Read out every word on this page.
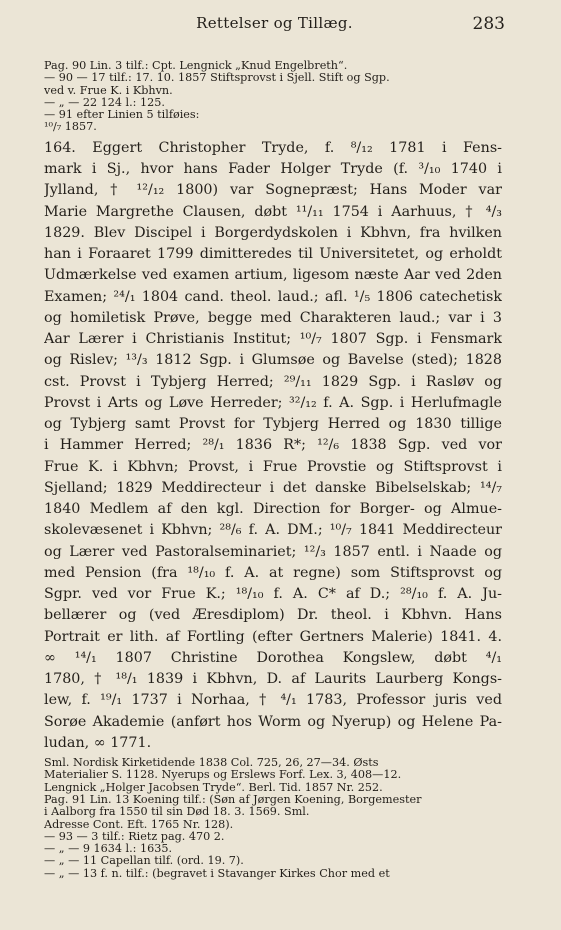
Rettelser og Tillæg.	283
Pag. 90 Lin. 3 tilf.: Cpt. Lengnick „Knud Engelbreth“.
— 90 — 17 tilf.: 17. 10. 1857 Stiftsprovst i Sjell. Stift og Sgp.
ved v. Frue K. i Kbhvn.
— „ — 22 124 l.: 125.
— 91 efter Linien 5 tilføies:
¹⁰/₇ 1857.
164. Eggert Christopher Tryde, f. ⁸/₁₂ 1781 i Fens-
mark i Sj., hvor hans Fader Holger Tryde (f. ³/₁₀ 1740 i
Jylland, † ¹²/₁₂ 1800) var Sognepræst; Hans Moder var
Marie Margrethe Clausen, døbt ¹¹/₁₁ 1754 i Aarhuus, † ⁴/₃
1829. Blev Discipel i Borgerdydskolen i Kbhvn, fra hvilken
han i Foraaret 1799 dimitteredes til Universitetet, og erholdt
Udmærkelse ved examen artium, ligesom næste Aar ved 2den
Examen; ²⁴/₁ 1804 cand. theol. laud.; afl. ¹/₅ 1806 catechetisk
og homiletisk Prøve, begge med Charakteren laud.; var i 3
Aar Lærer i Christianis Institut; ¹⁰/₇ 1807 Sgp. i Fensmark
og Rislev; ¹³/₃ 1812 Sgp. i Glumsøe og Bavelse (sted); 1828
cst. Provst i Tybjerg Herred; ²⁹/₁₁ 1829 Sgp. i Rasløv og
Provst i Arts og Løve Herreder; ³²/₁₂ f. A. Sgp. i Herlufmagle
og Tybjerg samt Provst for Tybjerg Herred og 1830 tillige
i Hammer Herred; ²⁸/₁ 1836 R*; ¹²/₆ 1838 Sgp. ved vor
Frue K. i Kbhvn; Provst, i Frue Provstie og Stiftsprovst i
Sjelland; 1829 Meddirecteur i det danske Bibelselskab; ¹⁴/₇
1840 Medlem af den kgl. Direction for Borger- og Almue-
skolevæsenet i Kbhvn; ²⁸/₆ f. A. DM.; ¹⁰/₇ 1841 Meddirecteur
og Lærer ved Pastoralseminariet; ¹²/₃ 1857 entl. i Naade og
med Pension (fra ¹⁸/₁₀ f. A. at regne) som Stiftsprovst og
Sgpr. ved vor Frue K.; ¹⁸/₁₀ f. A. C* af D.; ²⁸/₁₀ f. A. Ju-
bellærer og (ved Æresdiplom) Dr. theol. i Kbhvn. Hans
Portrait er lith. af Fortling (efter Gertners Malerie) 1841. 4.
∞ ¹⁴/₁ 1807 Christine Dorothea Kongslew, døbt ⁴/₁
1780, † ¹⁸/₁ 1839 i Kbhvn, D. af Laurits Laurberg Kongs-
lew, f. ¹⁹/₁ 1737 i Norhaa, † ⁴/₁ 1783, Professor juris ved
Sorøe Akademie (anført hos Worm og Nyerup) og Helene Pa-
ludan, ∞ 1771.
Sml. Nordisk Kirketidende 1838 Col. 725, 26, 27—34. Østs
Materialier S. 1128. Nyerups og Erslews Forf. Lex. 3, 408—12.
Lengnick „Holger Jacobsen Tryde“. Berl. Tid. 1857 Nr. 252.
Pag. 91 Lin. 13 Koening tilf.: (Søn af Jørgen Koening, Borgemester
i Aalborg fra 1550 til sin Død 18. 3. 1569. Sml.
Adresse Cont. Eft. 1765 Nr. 128).
— 93 — 3 tilf.: Rietz pag. 470 2.
— „ — 9 1634 l.: 1635.
— „ — 11 Capellan tilf. (ord. 19. 7).
— „ — 13 f. n. tilf.: (begravet i Stavanger Kirkes Chor med et
